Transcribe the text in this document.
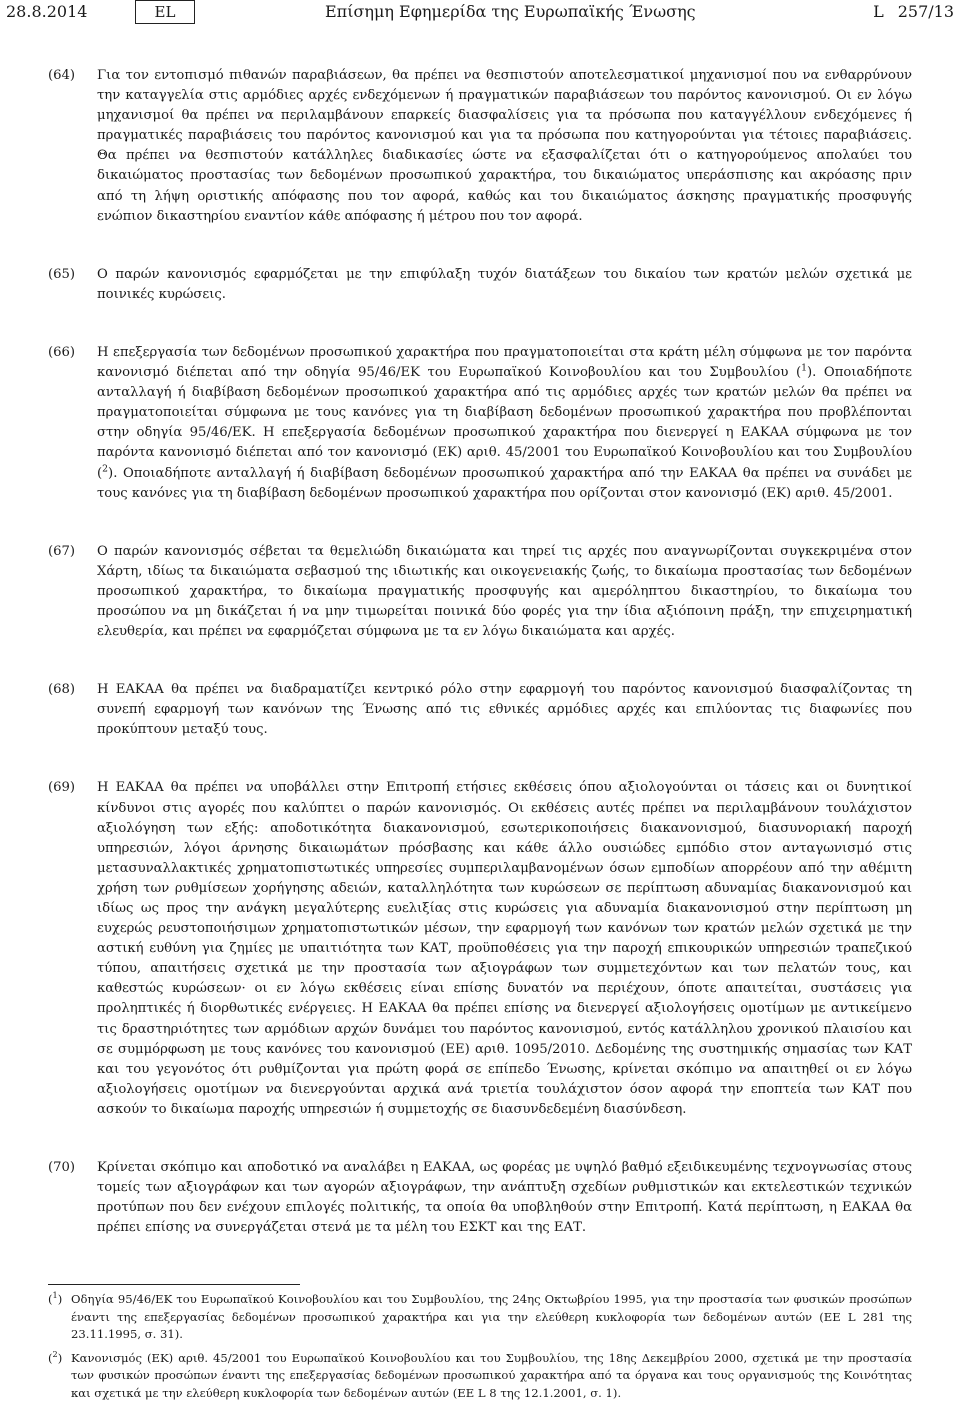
28.8.2014	EL	Επίσημη Εφημερίδα της Ευρωπαϊκής Ένωσης	L 257/13
(64) Για τον εντοπισμό πιθανών παραβιάσεων, θα πρέπει να θεσπιστούν αποτελεσματικοί μηχανισμοί που να ενθαρρύνουν την καταγγελία στις αρμόδιες αρχές ενδεχόμενων ή πραγματικών παραβιάσεων του παρόντος κανονισμού. Οι εν λόγω μηχανισμοί θα πρέπει να περιλαμβάνουν επαρκείς διασφαλίσεις για τα πρόσωπα που καταγγέλλουν ενδεχόμενες ή πραγματικές παραβιάσεις του παρόντος κανονισμού και για τα πρόσωπα που κατηγορούνται για τέτοιες παραβιάσεις. Θα πρέπει να θεσπιστούν κατάλληλες διαδικασίες ώστε να εξασφαλίζεται ότι ο κατηγορούμενος απολαύει του δικαιώματος προστασίας των δεδομένων προσωπικού χαρακτήρα, του δικαιώματος υπεράσπισης και ακρόασης πριν από τη λήψη οριστικής απόφασης που τον αφορά, καθώς και του δικαιώματος άσκησης πραγματικής προσφυγής ενώπιον δικαστηρίου εναντίον κάθε απόφασης ή μέτρου που τον αφορά.
(65) Ο παρών κανονισμός εφαρμόζεται με την επιφύλαξη τυχόν διατάξεων του δικαίου των κρατών μελών σχετικά με ποινικές κυρώσεις.
(66) Η επεξεργασία των δεδομένων προσωπικού χαρακτήρα που πραγματοποιείται στα κράτη μέλη σύμφωνα με τον παρόντα κανονισμό διέπεται από την οδηγία 95/46/ΕΚ του Ευρωπαϊκού Κοινοβουλίου και του Συμβουλίου ($^1$). Οποιαδήποτε ανταλλαγή ή διαβίβαση δεδομένων προσωπικού χαρακτήρα από τις αρμόδιες αρχές των κρατών μελών θα πρέπει να πραγματοποιείται σύμφωνα με τους κανόνες για τη διαβίβαση δεδομένων προσωπικού χαρακτήρα που προβλέπονται στην οδηγία 95/46/ΕΚ. Η επεξεργασία δεδομένων προσωπικού χαρακτήρα που διενεργεί η ΕΑΚΑΑ σύμφωνα με τον παρόντα κανονισμό διέπεται από τον κανονισμό (ΕΚ) αριθ. 45/2001 του Ευρωπαϊκού Κοινοβουλίου και του Συμβουλίου ($^2$). Οποιαδήποτε ανταλλαγή ή διαβίβαση δεδομένων προσωπικού χαρακτήρα από την ΕΑΚΑΑ θα πρέπει να συνάδει με τους κανόνες για τη διαβίβαση δεδομένων προσωπικού χαρακτήρα που ορίζονται στον κανονισμό (ΕΚ) αριθ. 45/2001.
(67) Ο παρών κανονισμός σέβεται τα θεμελιώδη δικαιώματα και τηρεί τις αρχές που αναγνωρίζονται συγκεκριμένα στον Χάρτη, ιδίως τα δικαιώματα σεβασμού της ιδιωτικής και οικογενειακής ζωής, το δικαίωμα προστασίας των δεδομένων προσωπικού χαρακτήρα, το δικαίωμα πραγματικής προσφυγής και αμερόληπτου δικαστηρίου, το δικαίωμα του προσώπου να μη δικάζεται ή να μην τιμωρείται ποινικά δύο φορές για την ίδια αξιόποινη πράξη, την επιχειρηματική ελευθερία, και πρέπει να εφαρμόζεται σύμφωνα με τα εν λόγω δικαιώματα και αρχές.
(68) Η ΕΑΚΑΑ θα πρέπει να διαδραματίζει κεντρικό ρόλο στην εφαρμογή του παρόντος κανονισμού διασφαλίζοντας τη συνεπή εφαρμογή των κανόνων της Ένωσης από τις εθνικές αρμόδιες αρχές και επιλύοντας τις διαφωνίες που προκύπτουν μεταξύ τους.
(69) Η ΕΑΚΑΑ θα πρέπει να υποβάλλει στην Επιτροπή ετήσιες εκθέσεις όπου αξιολογούνται οι τάσεις και οι δυνητικοί κίνδυνοι στις αγορές που καλύπτει ο παρών κανονισμός. Οι εκθέσεις αυτές πρέπει να περιλαμβάνουν τουλάχιστον αξιολόγηση των εξής: αποδοτικότητα διακανονισμού, εσωτερικοποιήσεις διακανονισμού, διασυνοριακή παροχή υπηρεσιών, λόγοι άρνησης δικαιωμάτων πρόσβασης και κάθε άλλο ουσιώδες εμπόδιο στον ανταγωνισμό στις μετασυναλλακτικές χρηματοπιστωτικές υπηρεσίες συμπεριλαμβανομένων όσων εμποδίων απορρέουν από την αθέμιτη χρήση των ρυθμίσεων χορήγησης αδειών, καταλληλότητα των κυρώσεων σε περίπτωση αδυναμίας διακανονισμού και ιδίως ως προς την ανάγκη μεγαλύτερης ευελιξίας στις κυρώσεις για αδυναμία διακανονισμού στην περίπτωση μη ευχερώς ρευστοποιήσιμων χρηματοπιστωτικών μέσων, την εφαρμογή των κανόνων των κρατών μελών σχετικά με την αστική ευθύνη για ζημίες με υπαιτιότητα των ΚΑΤ, προϋποθέσεις για την παροχή επικουρικών υπηρεσιών τραπεζικού τύπου, απαιτήσεις σχετικά με την προστασία των αξιογράφων των συμμετεχόντων και των πελατών τους, και καθεστώς κυρώσεων· οι εν λόγω εκθέσεις είναι επίσης δυνατόν να περιέχουν, όποτε απαιτείται, συστάσεις για προληπτικές ή διορθωτικές ενέργειες. Η ΕΑΚΑΑ θα πρέπει επίσης να διενεργεί αξιολογήσεις ομοτίμων με αντικείμενο τις δραστηριότητες των αρμόδιων αρχών δυνάμει του παρόντος κανονισμού, εντός κατάλληλου χρονικού πλαισίου και σε συμμόρφωση με τους κανόνες του κανονισμού (ΕΕ) αριθ. 1095/2010. Δεδομένης της συστημικής σημασίας των ΚΑΤ και του γεγονότος ότι ρυθμίζονται για πρώτη φορά σε επίπεδο Ένωσης, κρίνεται σκόπιμο να απαιτηθεί οι εν λόγω αξιολογήσεις ομοτίμων να διενεργούνται αρχικά ανά τριετία τουλάχιστον όσον αφορά την εποπτεία των ΚΑΤ που ασκούν το δικαίωμα παροχής υπηρεσιών ή συμμετοχής σε διασυνδεδεμένη διασύνδεση.
(70) Κρίνεται σκόπιμο και αποδοτικό να αναλάβει η ΕΑΚΑΑ, ως φορέας με υψηλό βαθμό εξειδικευμένης τεχνογνωσίας στους τομείς των αξιογράφων και των αγορών αξιογράφων, την ανάπτυξη σχεδίων ρυθμιστικών και εκτελεστικών τεχνικών προτύπων που δεν ενέχουν επιλογές πολιτικής, τα οποία θα υποβληθούν στην Επιτροπή. Κατά περίπτωση, η ΕΑΚΑΑ θα πρέπει επίσης να συνεργάζεται στενά με τα μέλη του ΕΣΚΤ και της ΕΑΤ.
($^1$) Οδηγία 95/46/ΕΚ του Ευρωπαϊκού Κοινοβουλίου και του Συμβουλίου, της 24ης Οκτωβρίου 1995, για την προστασία των φυσικών προσώπων έναντι της επεξεργασίας δεδομένων προσωπικού χαρακτήρα και για την ελεύθερη κυκλοφορία των δεδομένων αυτών (ΕΕ L 281 της 23.11.1995, σ. 31).
($^2$) Κανονισμός (ΕΚ) αριθ. 45/2001 του Ευρωπαϊκού Κοινοβουλίου και του Συμβουλίου, της 18ης Δεκεμβρίου 2000, σχετικά με την προστασία των φυσικών προσώπων έναντι της επεξεργασίας δεδομένων προσωπικού χαρακτήρα από τα όργανα και τους οργανισμούς της Κοινότητας και σχετικά με την ελεύθερη κυκλοφορία των δεδομένων αυτών (ΕΕ L 8 της 12.1.2001, σ. 1).
